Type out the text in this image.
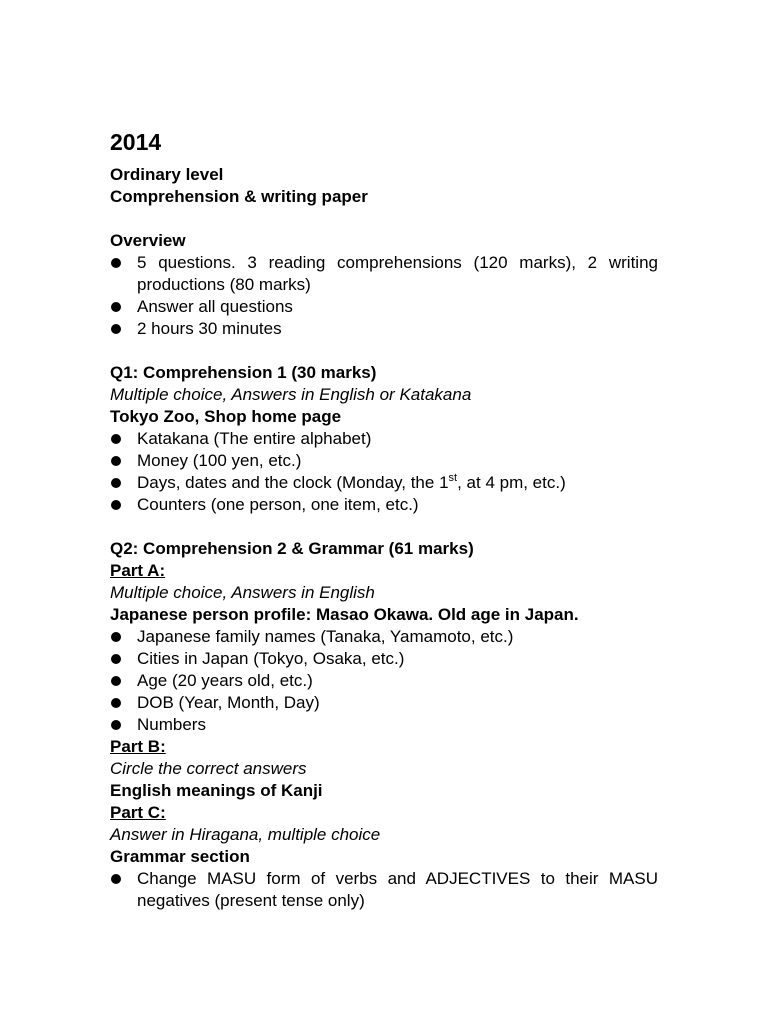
2014

Ordinary level

Comprehension & writing paper

Overview

5 questions. 3 reading comprehensions (120 marks), 2 writing productions (80 marks)
Answer all questions
2 hours 30 minutes

Q1: Comprehension 1 (30 marks)

Multiple choice, Answers in English or Katakana

Tokyo Zoo, Shop home page

Katakana (The entire alphabet)
Money (100 yen, etc.)
Days, dates and the clock (Monday, the 1st, at 4 pm, etc.)
Counters (one person, one item, etc.)

Q2: Comprehension 2 & Grammar (61 marks)

Part A:

Multiple choice, Answers in English

Japanese person profile: Masao Okawa. Old age in Japan.

Japanese family names (Tanaka, Yamamoto, etc.)
Cities in Japan (Tokyo, Osaka, etc.)
Age (20 years old, etc.)
DOB (Year, Month, Day)
Numbers

Part B:

Circle the correct answers

English meanings of Kanji

Part C:

Answer in Hiragana, multiple choice

Grammar section

Change MASU form of verbs and ADJECTIVES to their MASU negatives (present tense only)
